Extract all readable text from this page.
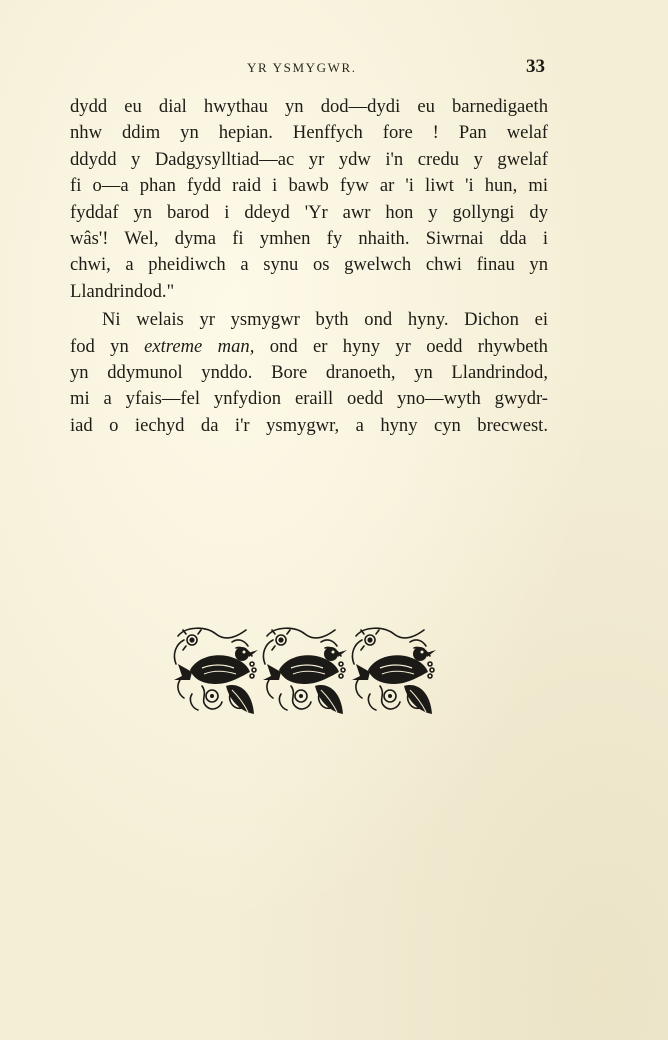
YR YSMYGWR.	33
dydd eu dial hwythau yn dod—dydi eu barnedigaeth
nhw ddim yn hepian. Henffych fore ! Pan welaf
ddydd y Dadgysylltiad—ac yr ydw i'n credu y gwelaf
fi o—a phan fydd raid i bawb fyw ar 'i liwt 'i hun, mi
fyddaf yn barod i ddeyd 'Yr awr hon y gollyngi dy
wâs'! Wel, dyma fi ymhen fy nhaith. Siwrnai dda i
chwi, a pheidiwch a synu os gwelwch chwi finau yn
Llandrindod."
Ni welais yr ysmygwr byth ond hyny. Dichon ei
fod yn extreme man, ond er hyny yr oedd rhywbeth
yn ddymunol ynddo. Bore dranoeth, yn Llandrindod,
mi a yfais—fel ynfydion eraill oedd yno—wyth gwydr-
iad o iechyd da i'r ysmygwr, a hyny cyn brecwest.
